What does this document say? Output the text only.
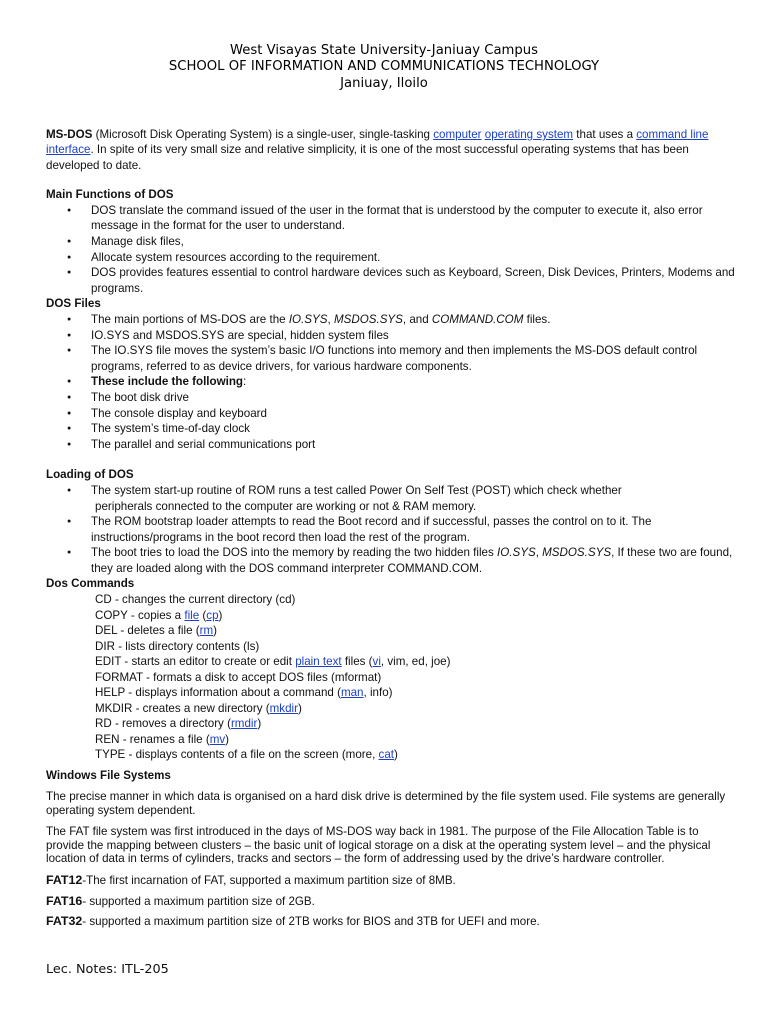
West Visayas State University-Janiuay Campus
SCHOOL OF INFORMATION AND COMMUNICATIONS TECHNOLOGY
Janiuay, Iloilo
MS-DOS (Microsoft Disk Operating System) is a single-user, single-tasking computer operating system that uses a command line interface. In spite of its very small size and relative simplicity, it is one of the most successful operating systems that has been developed to date.
Main Functions of DOS
● DOS translate the command issued of the user in the format that is understood by the computer to execute it, also error message in the format for the user to understand.
● Manage disk files,
● Allocate system resources according to the requirement.
● DOS provides features essential to control hardware devices such as Keyboard, Screen, Disk Devices, Printers, Modems and programs.
DOS Files
● The main portions of MS-DOS are the IO.SYS, MSDOS.SYS, and COMMAND.COM files.
● IO.SYS and MSDOS.SYS are special, hidden system files
● The IO.SYS file moves the system’s basic I/O functions into memory and then implements the MS-DOS default control programs, referred to as device drivers, for various hardware components.
● These include the following:
● The boot disk drive
● The console display and keyboard
● The system’s time-of-day clock
● The parallel and serial communications port
Loading of DOS
● The system start-up routine of ROM runs a test called Power On Self Test (POST) which check whether
peripherals connected to the computer are working or not & RAM memory.
● The ROM bootstrap loader attempts to read the Boot record and if successful, passes the control on to it. The instructions/programs in the boot record then load the rest of the program.
● The boot tries to load the DOS into the memory by reading the two hidden files IO.SYS, MSDOS.SYS, If these two are found, they are loaded along with the DOS command interpreter COMMAND.COM.
Dos Commands
CD - changes the current directory (cd)
COPY - copies a file (cp)
DEL - deletes a file (rm)
DIR - lists directory contents (ls)
EDIT - starts an editor to create or edit plain text files (vi, vim, ed, joe)
FORMAT - formats a disk to accept DOS files (mformat)
HELP - displays information about a command (man, info)
MKDIR - creates a new directory (mkdir)
RD - removes a directory (rmdir)
REN - renames a file (mv)
TYPE - displays contents of a file on the screen (more, cat)
Windows File Systems
The precise manner in which data is organised on a hard disk drive is determined by the file system used. File systems are generally operating system dependent.
The FAT file system was first introduced in the days of MS-DOS way back in 1981. The purpose of the File Allocation Table is to provide the mapping between clusters – the basic unit of logical storage on a disk at the operating system level – and the physical location of data in terms of cylinders, tracks and sectors – the form of addressing used by the drive’s hardware controller.
FAT12-The first incarnation of FAT, supported a maximum partition size of 8MB.
FAT16- supported a maximum partition size of 2GB.
FAT32- supported a maximum partition size of 2TB works for BIOS and 3TB for UEFI and more.
Lec. Notes: ITL-205
